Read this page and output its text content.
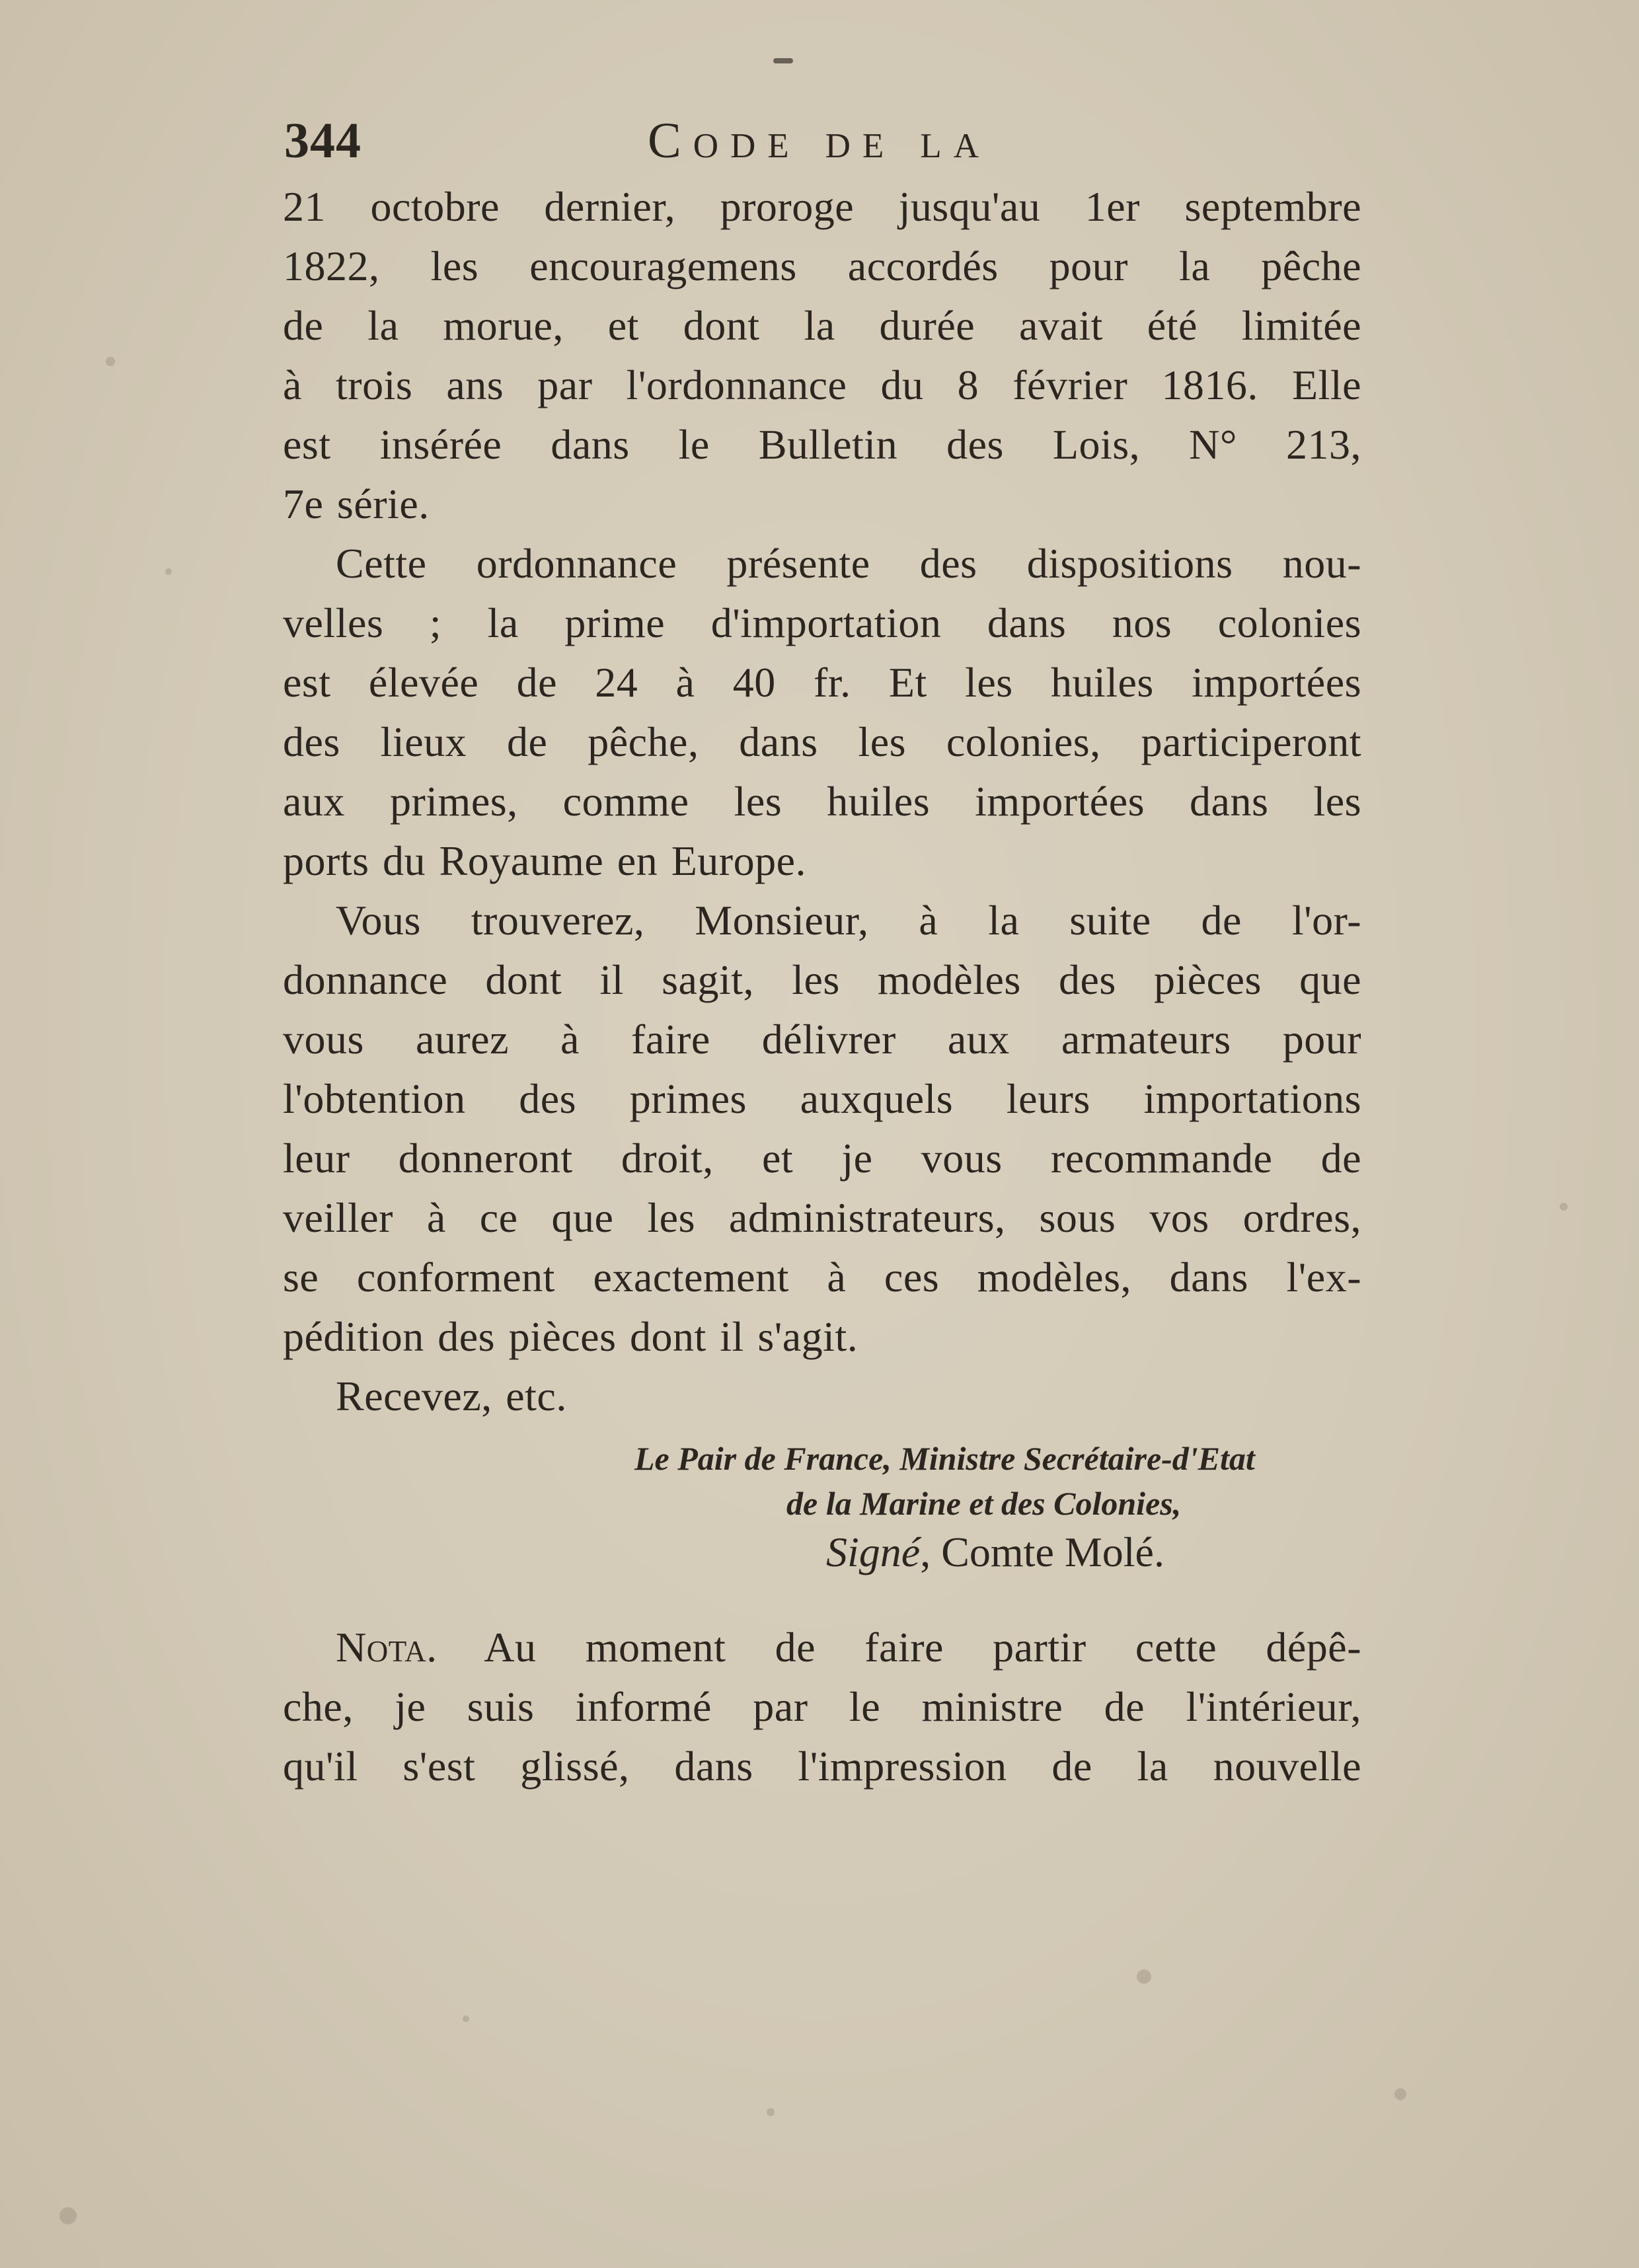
344	Code de la
21 octobre dernier, proroge jusqu'au 1er septembre
1822, les encouragemens accordés pour la pêche
de la morue, et dont la durée avait été limitée
à trois ans par l'ordonnance du 8 février 1816. Elle
est insérée dans le Bulletin des Lois, N° 213,
7e série.
Cette ordonnance présente des dispositions nou-
velles ; la prime d'importation dans nos colonies
est élevée de 24 à 40 fr. Et les huiles importées
des lieux de pêche, dans les colonies, participeront
aux primes, comme les huiles importées dans les
ports du Royaume en Europe.
Vous trouverez, Monsieur, à la suite de l'or-
donnance dont il sagit, les modèles des pièces que
vous aurez à faire délivrer aux armateurs pour
l'obtention des primes auxquels leurs importations
leur donneront droit, et je vous recommande de
veiller à ce que les administrateurs, sous vos ordres,
se conforment exactement à ces modèles, dans l'ex-
pédition des pièces dont il s'agit.
Recevez, etc.
Le Pair de France, Ministre Secrétaire-d'Etat
de la Marine et des Colonies,
Signé, Comte Molé.
Nota. Au moment de faire partir cette dépê-
che, je suis informé par le ministre de l'intérieur,
qu'il s'est glissé, dans l'impression de la nouvelle
